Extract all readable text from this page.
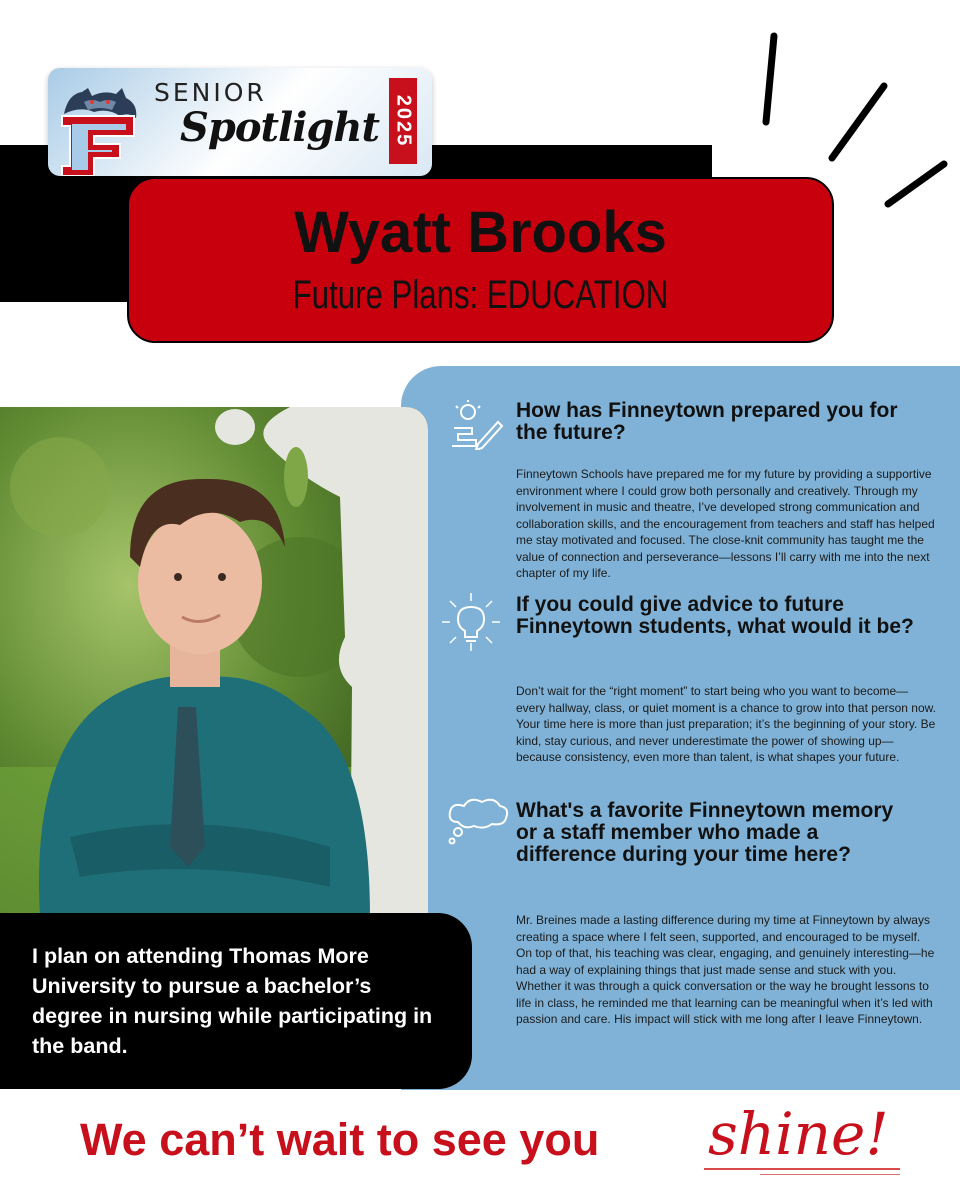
SENIOR
Spotlight 2025
Wyatt Brooks
Future Plans: EDUCATION
I plan on attending Thomas More University to pursue a bachelor’s degree in nursing while participating in the band.
How has Finneytown prepared you for the future?
Finneytown Schools have prepared me for my future by providing a supportive environment where I could grow both personally and creatively. Through my involvement in music and theatre, I’ve developed strong communication and collaboration skills, and the encouragement from teachers and staff has helped me stay motivated and focused. The close-knit community has taught me the value of connection and perseverance—lessons I’ll carry with me into the next chapter of my life.
If you could give advice to future Finneytown students, what would it be?
Don’t wait for the “right moment” to start being who you want to become—every hallway, class, or quiet moment is a chance to grow into that person now. Your time here is more than just preparation; it’s the beginning of your story. Be kind, stay curious, and never underestimate the power of showing up—because consistency, even more than talent, is what shapes your future.
What's a favorite Finneytown memory or a staff member who made a difference during your time here?
Mr. Breines made a lasting difference during my time at Finneytown by always creating a space where I felt seen, supported, and encouraged to be myself. On top of that, his teaching was clear, engaging, and genuinely interesting—he had a way of explaining things that just made sense and stuck with you. Whether it was through a quick conversation or the way he brought lessons to life in class, he reminded me that learning can be meaningful when it’s led with passion and care. His impact will stick with me long after I leave Finneytown.
We can’t wait to see you shine!
